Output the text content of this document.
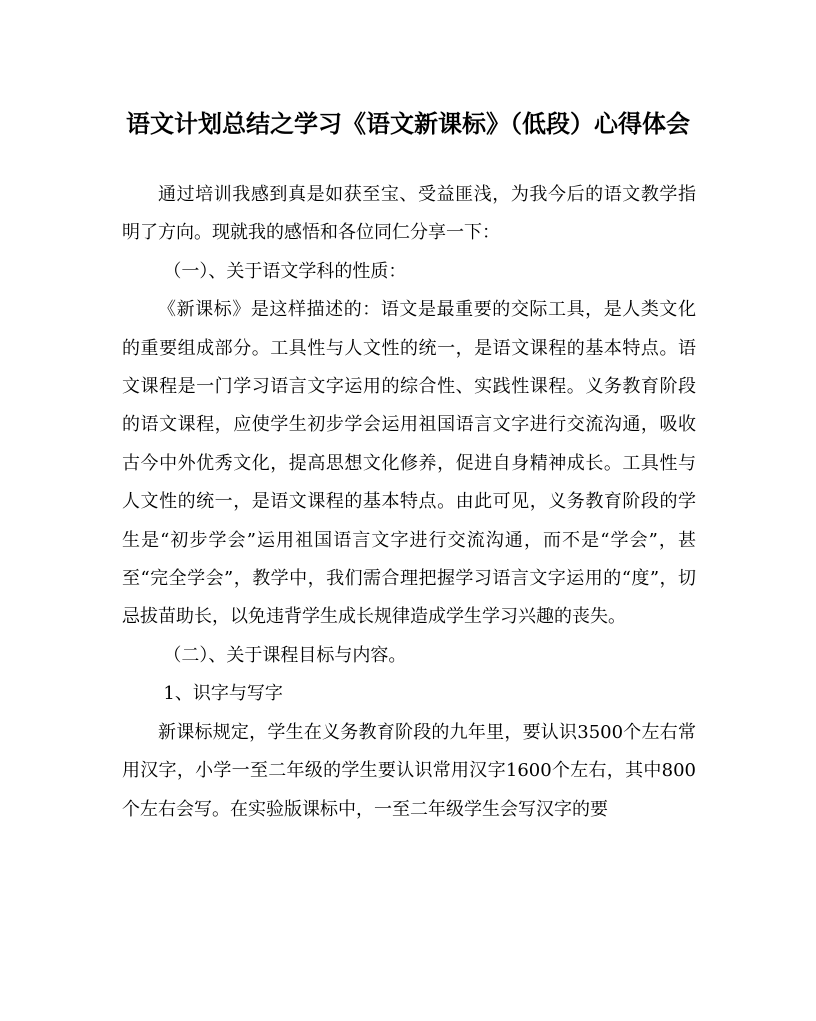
语文计划总结之学习《语文新课标》（低段）心得体会

通过培训我感到真是如获至宝、受益匪浅，为我今后的语文教学指明了方向。现就我的感悟和各位同仁分享一下：

（一）、关于语文学科的性质：

《新课标》是这样描述的：语文是最重要的交际工具，是人类文化的重要组成部分。工具性与人文性的统一，是语文课程的基本特点。语文课程是一门学习语言文字运用的综合性、实践性课程。义务教育阶段的语文课程，应使学生初步学会运用祖国语言文字进行交流沟通，吸收古今中外优秀文化，提高思想文化修养，促进自身精神成长。工具性与人文性的统一，是语文课程的基本特点。由此可见，义务教育阶段的学生是“初步学会”运用祖国语言文字进行交流沟通，而不是“学会”，甚至“完全学会”，教学中，我们需合理把握学习语言文字运用的“度”，切忌拔苗助长，以免违背学生成长规律造成学生学习兴趣的丧失。

（二）、关于课程目标与内容。

1、识字与写字

新课标规定，学生在义务教育阶段的九年里，要认识3500个左右常用汉字，小学一至二年级的学生要认识常用汉字1600个左右，其中800个左右会写。在实验版课标中，一至二年级学生会写汉字的要
